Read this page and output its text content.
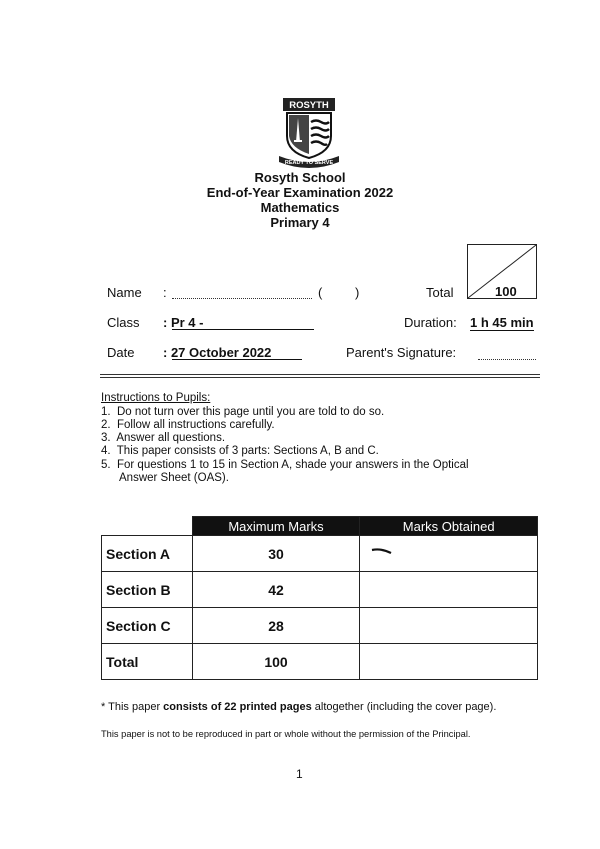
ROSYTH
READY TO SERVE
Rosyth School
End-of-Year Examination 2022
Mathematics
Primary 4
100
Name :	(	)	Total
Class : Pr 4 -	Duration: 1 h 45 min
Date : 27 October 2022	Parent's Signature:
Instructions to Pupils:
1.  Do not turn over this page until you are told to do so.
2.  Follow all instructions carefully.
3.  Answer all questions.
4.  This paper consists of 3 parts: Sections A, B and C.
5.  For questions 1 to 15 in Section A, shade your answers in the Optical
Answer Sheet (OAS).
	Maximum Marks	Marks Obtained
Section A	30	
Section B	42	
Section C	28	
Total	100	
* This paper consists of 22 printed pages altogether (including the cover page).
This paper is not to be reproduced in part or whole without the permission of the Principal.
1
